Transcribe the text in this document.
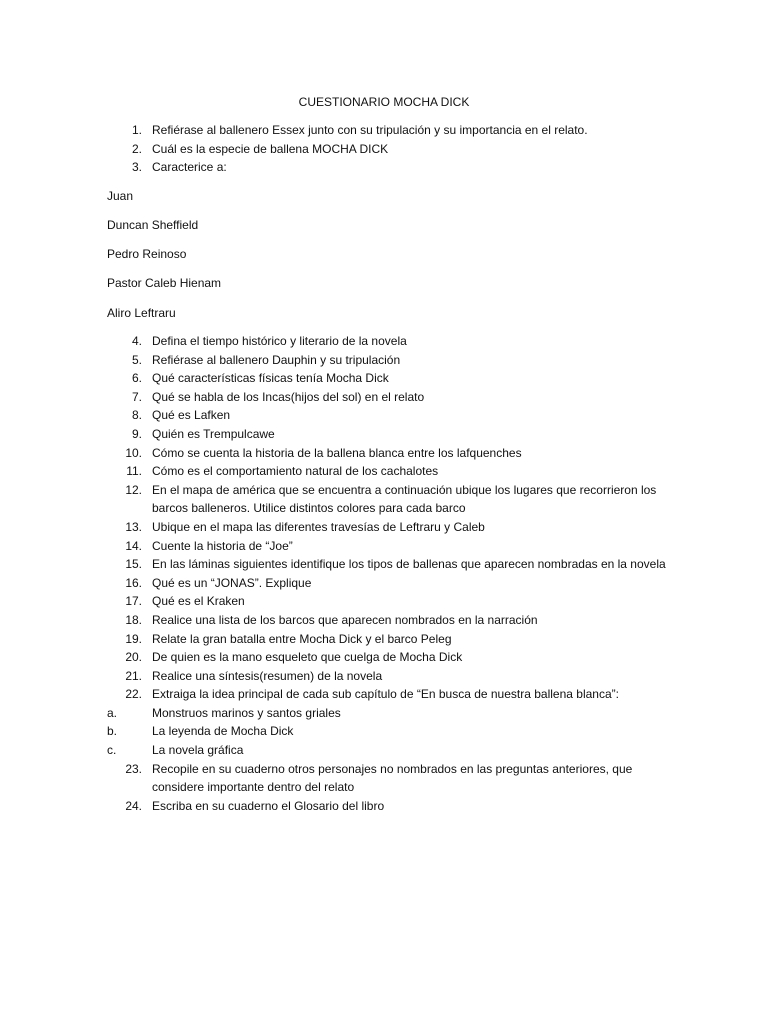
CUESTIONARIO MOCHA DICK
1. Refiérase al ballenero Essex junto con su tripulación y su importancia en el relato.
2. Cuál es la especie de ballena MOCHA DICK
3. Caracterice a:

Juan

Duncan Sheffield

Pedro Reinoso

Pastor Caleb Hienam

Aliro Leftraru

4. Defina el tiempo histórico y literario de la novela
5. Refiérase al ballenero Dauphin y su tripulación
6. Qué características físicas tenía Mocha Dick
7. Qué se habla de los Incas(hijos del sol) en el relato
8. Qué es Lafken
9. Quién es Trempulcawe
10. Cómo se cuenta la historia de la ballena blanca entre los lafquenches
11. Cómo es el comportamiento natural de los cachalotes
12. En el mapa de américa que se encuentra a continuación ubique los lugares que recorrieron los barcos balleneros. Utilice distintos colores para cada barco
13. Ubique en el mapa las diferentes travesías de Leftraru y Caleb
14. Cuente la historia de “Joe”
15. En las láminas siguientes identifique los tipos de ballenas que aparecen nombradas en la novela
16. Qué es un “JONAS”. Explique
17. Qué es el Kraken
18. Realice una lista de los barcos que aparecen nombrados en la narración
19. Relate la gran batalla entre Mocha Dick y el barco Peleg
20. De quien es la mano esqueleto que cuelga de Mocha Dick
21. Realice una síntesis(resumen) de la novela
22. Extraiga la idea principal de cada sub capítulo de “En busca de nuestra ballena blanca”:
a.	Monstruos marinos y santos griales
b.	La leyenda de Mocha Dick
c.	La novela gráfica
23. Recopile en su cuaderno otros personajes no nombrados en las preguntas anteriores, que considere importante dentro del relato
24. Escriba en su cuaderno el Glosario del libro
